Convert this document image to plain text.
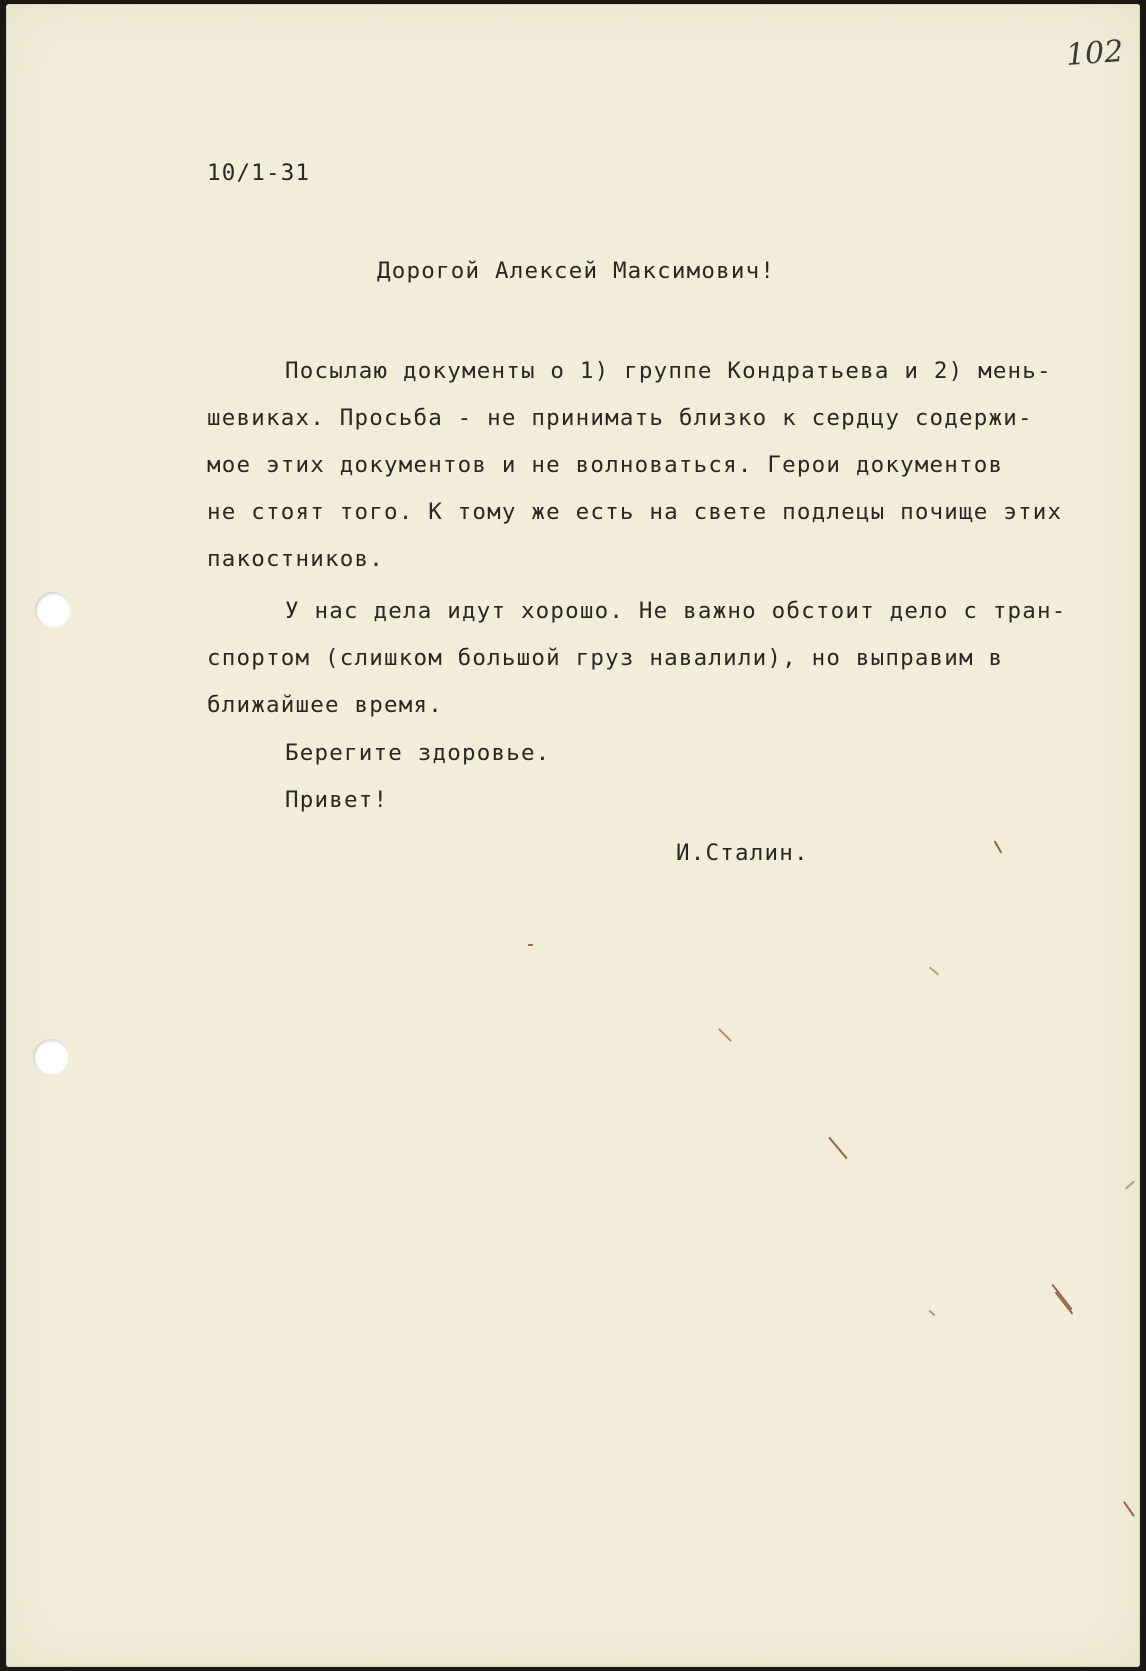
102
10/1-31
Дорогой Алексей Максимович!
Посылаю документы о 1) группе Кондратьева и 2) мень-
шевиках. Просьба - не принимать близко к сердцу содержи-
мое этих документов и не волноваться. Герои документов
не стоят того. К тому же есть на свете подлецы почище этих
пакостников.
У нас дела идут хорошо. Не важно обстоит дело с тран-
спортом (слишком большой груз навалили), но выправим в
ближайшее время.
Берегите здоровье.
Привет!
И.Сталин.
